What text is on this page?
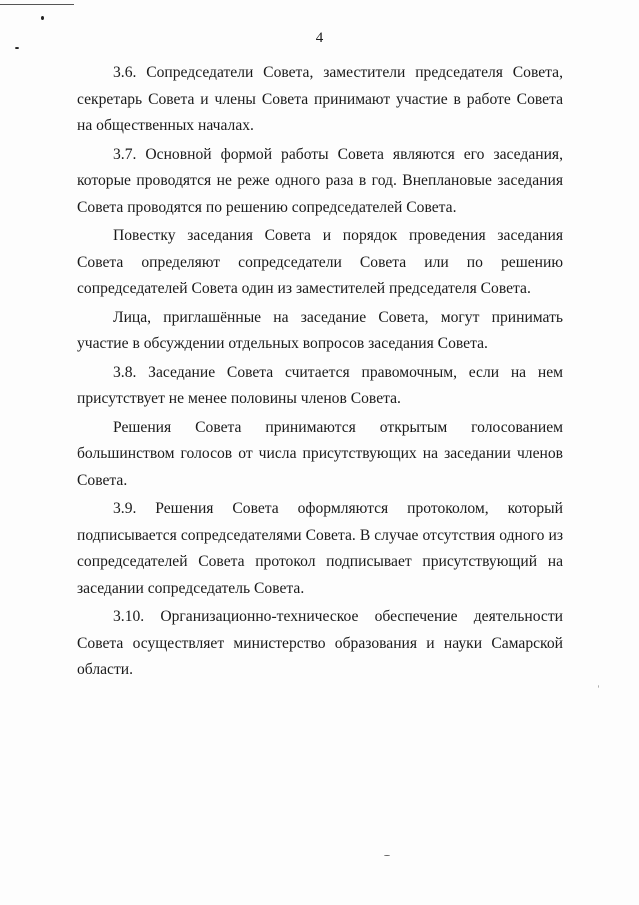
4

3.6. Сопредседатели Совета, заместители председателя Совета, секретарь Совета и члены Совета принимают участие в работе Совета на общественных началах.

3.7. Основной формой работы Совета являются его заседания, которые проводятся не реже одного раза в год. Внеплановые заседания Совета проводятся по решению сопредседателей Совета.

Повестку заседания Совета и порядок проведения заседания Совета определяют сопредседатели Совета или по решению сопредседателей Совета один из заместителей председателя Совета.

Лица, приглашённые на заседание Совета, могут принимать участие в обсуждении отдельных вопросов заседания Совета.

3.8. Заседание Совета считается правомочным, если на нем присутствует не менее половины членов Совета.

Решения Совета принимаются открытым голосованием большинством голосов от числа присутствующих на заседании членов Совета.

3.9. Решения Совета оформляются протоколом, который подписывается сопредседателями Совета. В случае отсутствия одного из сопредседателей Совета протокол подписывает присутствующий на заседании сопредседатель Совета.

3.10. Организационно-техническое обеспечение деятельности Совета осуществляет министерство образования и науки Самарской области.
